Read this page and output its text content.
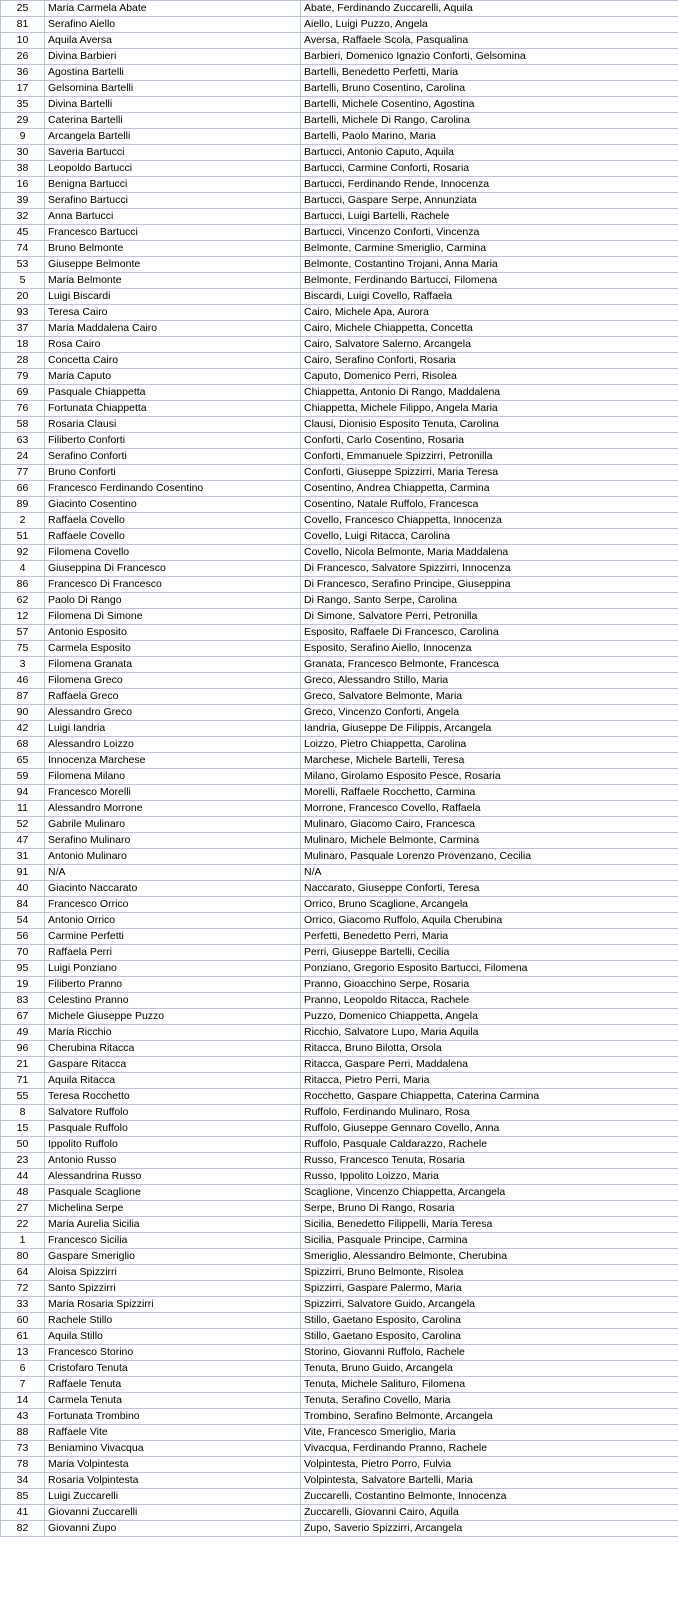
25	Maria Carmela Abate	Abate, Ferdinando Zuccarelli, Aquila
81	Serafino Aiello	Aiello, Luigi Puzzo, Angela
10	Aquila Aversa	Aversa, Raffaele Scola, Pasqualina
26	Divina Barbieri	Barbieri, Domenico Ignazio Conforti, Gelsomina
36	Agostina Bartelli	Bartelli, Benedetto Perfetti, Maria
17	Gelsomina Bartelli	Bartelli, Bruno Cosentino, Carolina
35	Divina Bartelli	Bartelli, Michele Cosentino, Agostina
29	Caterina Bartelli	Bartelli, Michele Di Rango, Carolina
9	Arcangela Bartelli	Bartelli, Paolo Marino, Maria
30	Saveria Bartucci	Bartucci, Antonio Caputo, Aquila
38	Leopoldo Bartucci	Bartucci, Carmine Conforti, Rosaria
16	Benigna Bartucci	Bartucci, Ferdinando Rende, Innocenza
39	Serafino Bartucci	Bartucci, Gaspare Serpe, Annunziata
32	Anna Bartucci	Bartucci, Luigi Bartelli, Rachele
45	Francesco Bartucci	Bartucci, Vincenzo Conforti, Vincenza
74	Bruno Belmonte	Belmonte, Carmine Smeriglio, Carmina
53	Giuseppe Belmonte	Belmonte, Costantino Trojani, Anna Maria
5	Maria Belmonte	Belmonte, Ferdinando Bartucci, Filomena
20	Luigi Biscardi	Biscardi, Luigi Covello, Raffaela
93	Teresa Cairo	Cairo, Michele Apa, Aurora
37	Maria Maddalena Cairo	Cairo, Michele Chiappetta, Concetta
18	Rosa Cairo	Cairo, Salvatore Salerno, Arcangela
28	Concetta Cairo	Cairo, Serafino Conforti, Rosaria
79	Maria Caputo	Caputo, Domenico Perri, Risolea
69	Pasquale Chiappetta	Chiappetta, Antonio Di Rango, Maddalena
76	Fortunata Chiappetta	Chiappetta, Michele Filippo, Angela Maria
58	Rosaria Clausi	Clausi, Dionisio Esposito Tenuta, Carolina
63	Filiberto Conforti	Conforti, Carlo Cosentino, Rosaria
24	Serafino Conforti	Conforti, Emmanuele Spizzirri, Petronilla
77	Bruno Conforti	Conforti, Giuseppe Spizzirri, Maria Teresa
66	Francesco Ferdinando Cosentino	Cosentino, Andrea Chiappetta, Carmina
89	Giacinto Cosentino	Cosentino, Natale Ruffolo, Francesca
2	Raffaela Covello	Covello, Francesco Chiappetta, Innocenza
51	Raffaele Covello	Covello, Luigi Ritacca, Carolina
92	Filomena Covello	Covello, Nicola Belmonte, Maria Maddalena
4	Giuseppina Di Francesco	Di Francesco, Salvatore Spizzirri, Innocenza
86	Francesco Di Francesco	Di Francesco, Serafino Principe, Giuseppina
62	Paolo Di Rango	Di Rango, Santo Serpe, Carolina
12	Filomena Di Simone	Di Simone, Salvatore Perri, Petronilla
57	Antonio Esposito	Esposito, Raffaele Di Francesco, Carolina
75	Carmela Esposito	Esposito, Serafino Aiello, Innocenza
3	Filomena Granata	Granata, Francesco Belmonte, Francesca
46	Filomena Greco	Greco, Alessandro Stillo, Maria
87	Raffaela Greco	Greco, Salvatore Belmonte, Maria
90	Alessandro Greco	Greco, Vincenzo Conforti, Angela
42	Luigi Iandria	Iandria, Giuseppe De Filippis, Arcangela
68	Alessandro Loizzo	Loizzo, Pietro Chiappetta, Carolina
65	Innocenza Marchese	Marchese, Michele Bartelli, Teresa
59	Filomena Milano	Milano, Girolamo Esposito Pesce, Rosaria
94	Francesco Morelli	Morelli, Raffaele Rocchetto, Carmina
11	Alessandro Morrone	Morrone, Francesco Covello, Raffaela
52	Gabrile Mulinaro	Mulinaro, Giacomo Cairo, Francesca
47	Serafino Mulinaro	Mulinaro, Michele Belmonte, Carmina
31	Antonio Mulinaro	Mulinaro, Pasquale Lorenzo Provenzano, Cecilia
91	N/A	N/A
40	Giacinto Naccarato	Naccarato, Giuseppe Conforti, Teresa
84	Francesco Orrico	Orrico, Bruno Scaglione, Arcangela
54	Antonio Orrico	Orrico, Giacomo Ruffolo, Aquila Cherubina
56	Carmine Perfetti	Perfetti, Benedetto Perri, Maria
70	Raffaela Perri	Perri, Giuseppe Bartelli, Cecilia
95	Luigi Ponziano	Ponziano, Gregorio Esposito Bartucci, Filomena
19	Filiberto Pranno	Pranno, Gioacchino Serpe, Rosaria
83	Celestino Pranno	Pranno, Leopoldo Ritacca, Rachele
67	Michele Giuseppe Puzzo	Puzzo, Domenico Chiappetta, Angela
49	Maria Ricchio	Ricchio, Salvatore Lupo, Maria Aquila
96	Cherubina Ritacca	Ritacca, Bruno Bilotta, Orsola
21	Gaspare Ritacca	Ritacca, Gaspare Perri, Maddalena
71	Aquila Ritacca	Ritacca, Pietro Perri, Maria
55	Teresa Rocchetto	Rocchetto, Gaspare Chiappetta, Caterina Carmina
8	Salvatore Ruffolo	Ruffolo, Ferdinando Mulinaro, Rosa
15	Pasquale Ruffolo	Ruffolo, Giuseppe Gennaro Covello, Anna
50	Ippolito Ruffolo	Ruffolo, Pasquale Caldarazzo, Rachele
23	Antonio Russo	Russo, Francesco Tenuta, Rosaria
44	Alessandrina Russo	Russo, Ippolito Loizzo, Maria
48	Pasquale Scaglione	Scaglione, Vincenzo Chiappetta, Arcangela
27	Michelina Serpe	Serpe, Bruno Di Rango, Rosaria
22	Maria Aurelia Sicilia	Sicilia, Benedetto Filippelli, Maria Teresa
1	Francesco Sicilia	Sicilia, Pasquale Principe, Carmina
80	Gaspare Smeriglio	Smeriglio, Alessandro Belmonte, Cherubina
64	Aloisa Spizzirri	Spizzirri, Bruno Belmonte, Risolea
72	Santo Spizzirri	Spizzirri, Gaspare Palermo, Maria
33	Maria Rosaria Spizzirri	Spizzirri, Salvatore Guido, Arcangela
60	Rachele Stillo	Stillo, Gaetano Esposito, Carolina
61	Aquila Stillo	Stillo, Gaetano Esposito, Carolina
13	Francesco Storino	Storino, Giovanni Ruffolo, Rachele
6	Cristofaro Tenuta	Tenuta, Bruno Guido, Arcangela
7	Raffaele Tenuta	Tenuta, Michele Salituro, Filomena
14	Carmela Tenuta	Tenuta, Serafino Covello, Maria
43	Fortunata Trombino	Trombino, Serafino Belmonte, Arcangela
88	Raffaele Vite	Vite, Francesco Smeriglio, Maria
73	Beniamino Vivacqua	Vivacqua, Ferdinando Pranno, Rachele
78	Maria Volpintesta	Volpintesta, Pietro Porro, Fulvia
34	Rosaria Volpintesta	Volpintesta, Salvatore Bartelli, Maria
85	Luigi Zuccarelli	Zuccarelli, Costantino Belmonte, Innocenza
41	Giovanni Zuccarelli	Zuccarelli, Giovanni Cairo, Aquila
82	Giovanni Zupo	Zupo, Saverio Spizzirri, Arcangela
